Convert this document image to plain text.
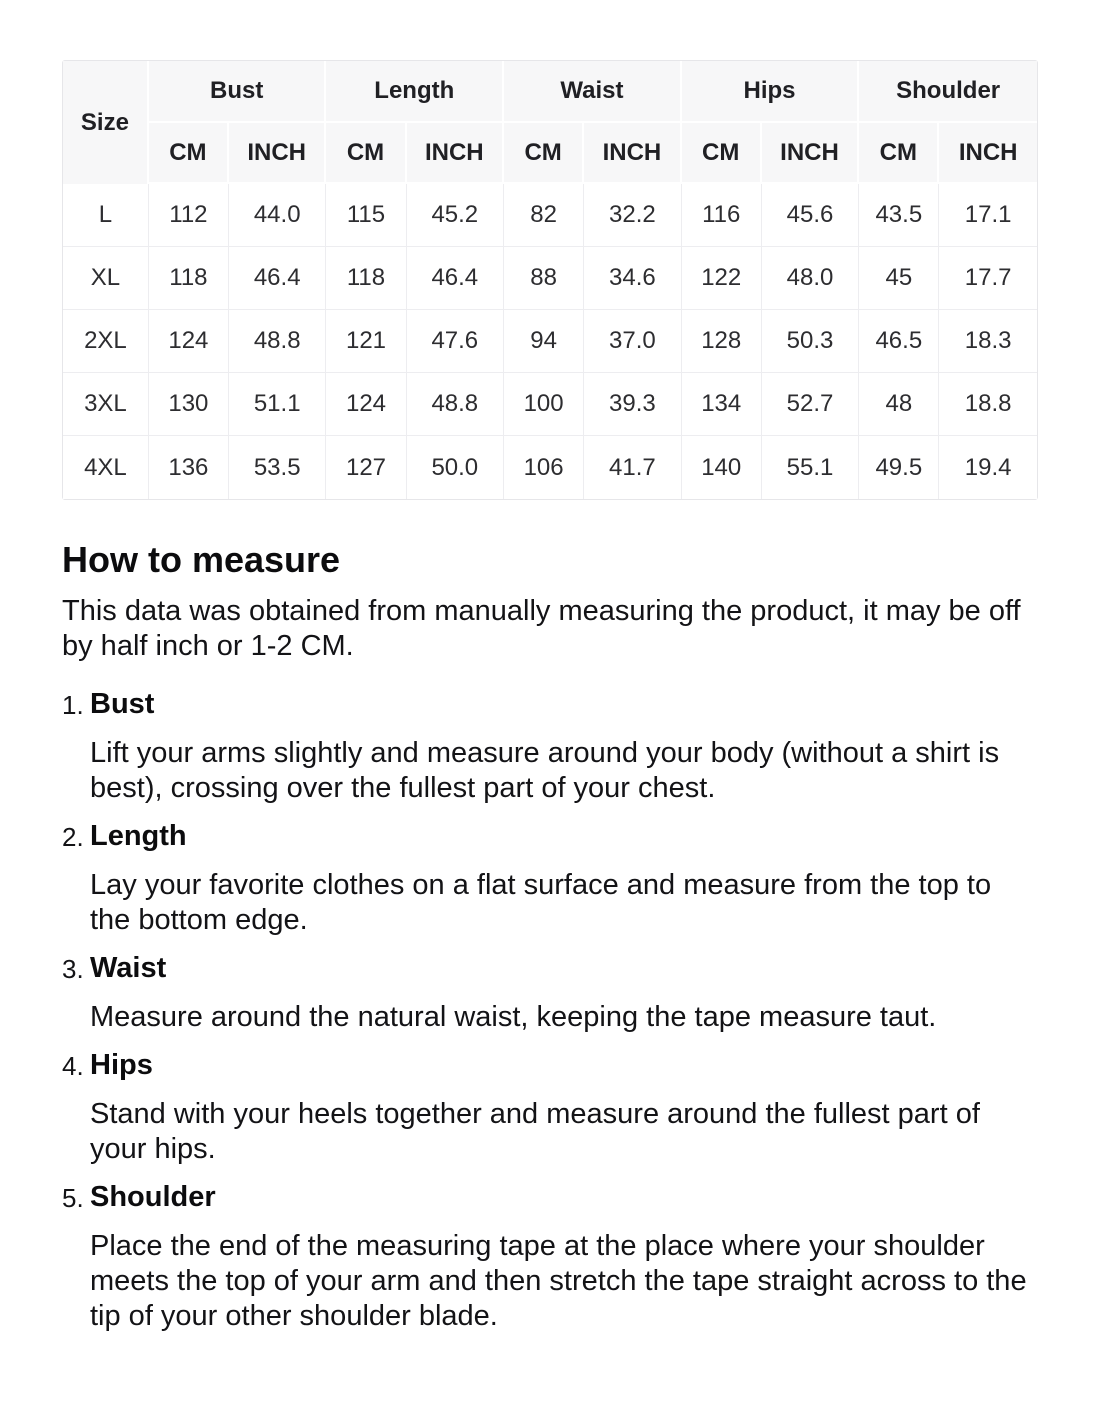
Size	Bust		Length		Waist		Hips		Shoulder	
	CM	INCH	CM	INCH	CM	INCH	CM	INCH	CM	INCH
L	112	44.0	115	45.2	82	32.2	116	45.6	43.5	17.1
XL	118	46.4	118	46.4	88	34.6	122	48.0	45	17.7
2XL	124	48.8	121	47.6	94	37.0	128	50.3	46.5	18.3
3XL	130	51.1	124	48.8	100	39.3	134	52.7	48	18.8
4XL	136	53.5	127	50.0	106	41.7	140	55.1	49.5	19.4
How to measure

This data was obtained from manually measuring the product, it may be off by half inch or 1-2 CM.

1. Bust

Lift your arms slightly and measure around your body (without a shirt is best), crossing over the fullest part of your chest.

2. Length

Lay your favorite clothes on a flat surface and measure from the top to the bottom edge.

3. Waist

Measure around the natural waist, keeping the tape measure taut.

4. Hips

Stand with your heels together and measure around the fullest part of your hips.

5. Shoulder

Place the end of the measuring tape at the place where your shoulder meets the top of your arm and then stretch the tape straight across to the tip of your other shoulder blade.
